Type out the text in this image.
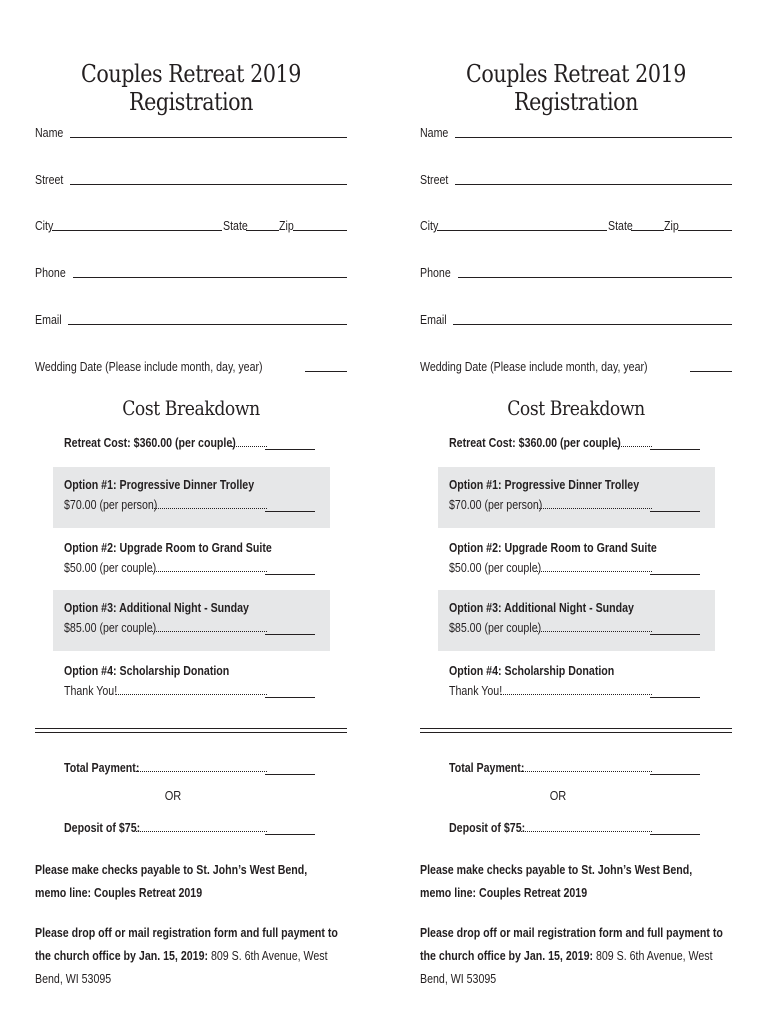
Couples Retreat 2019 Registration
Name
Street
City	State Zip
Phone
Email
Wedding Date (Please include month, day, year)
Cost Breakdown
Retreat Cost: $360.00 (per couple)
Option #1: Progressive Dinner Trolley
$70.00 (per person)
Option #2: Upgrade Room to Grand Suite
$50.00 (per couple)
Option #3: Additional Night - Sunday
$85.00 (per couple)
Option #4: Scholarship Donation
Thank You!
Total Payment:
OR
Deposit of $75:
Please make checks payable to St. John’s West Bend, memo line: Couples Retreat 2019
Please drop off or mail registration form and full payment to the church office by Jan. 15, 2019: 809 S. 6th Avenue, West Bend, WI 53095
Couples Retreat 2019 Registration
Name
Street
City	State Zip
Phone
Email
Wedding Date (Please include month, day, year)
Cost Breakdown
Retreat Cost: $360.00 (per couple)
Option #1: Progressive Dinner Trolley
$70.00 (per person)
Option #2: Upgrade Room to Grand Suite
$50.00 (per couple)
Option #3: Additional Night - Sunday
$85.00 (per couple)
Option #4: Scholarship Donation
Thank You!
Total Payment:
OR
Deposit of $75:
Please make checks payable to St. John’s West Bend, memo line: Couples Retreat 2019
Please drop off or mail registration form and full payment to the church office by Jan. 15, 2019: 809 S. 6th Avenue, West Bend, WI 53095
